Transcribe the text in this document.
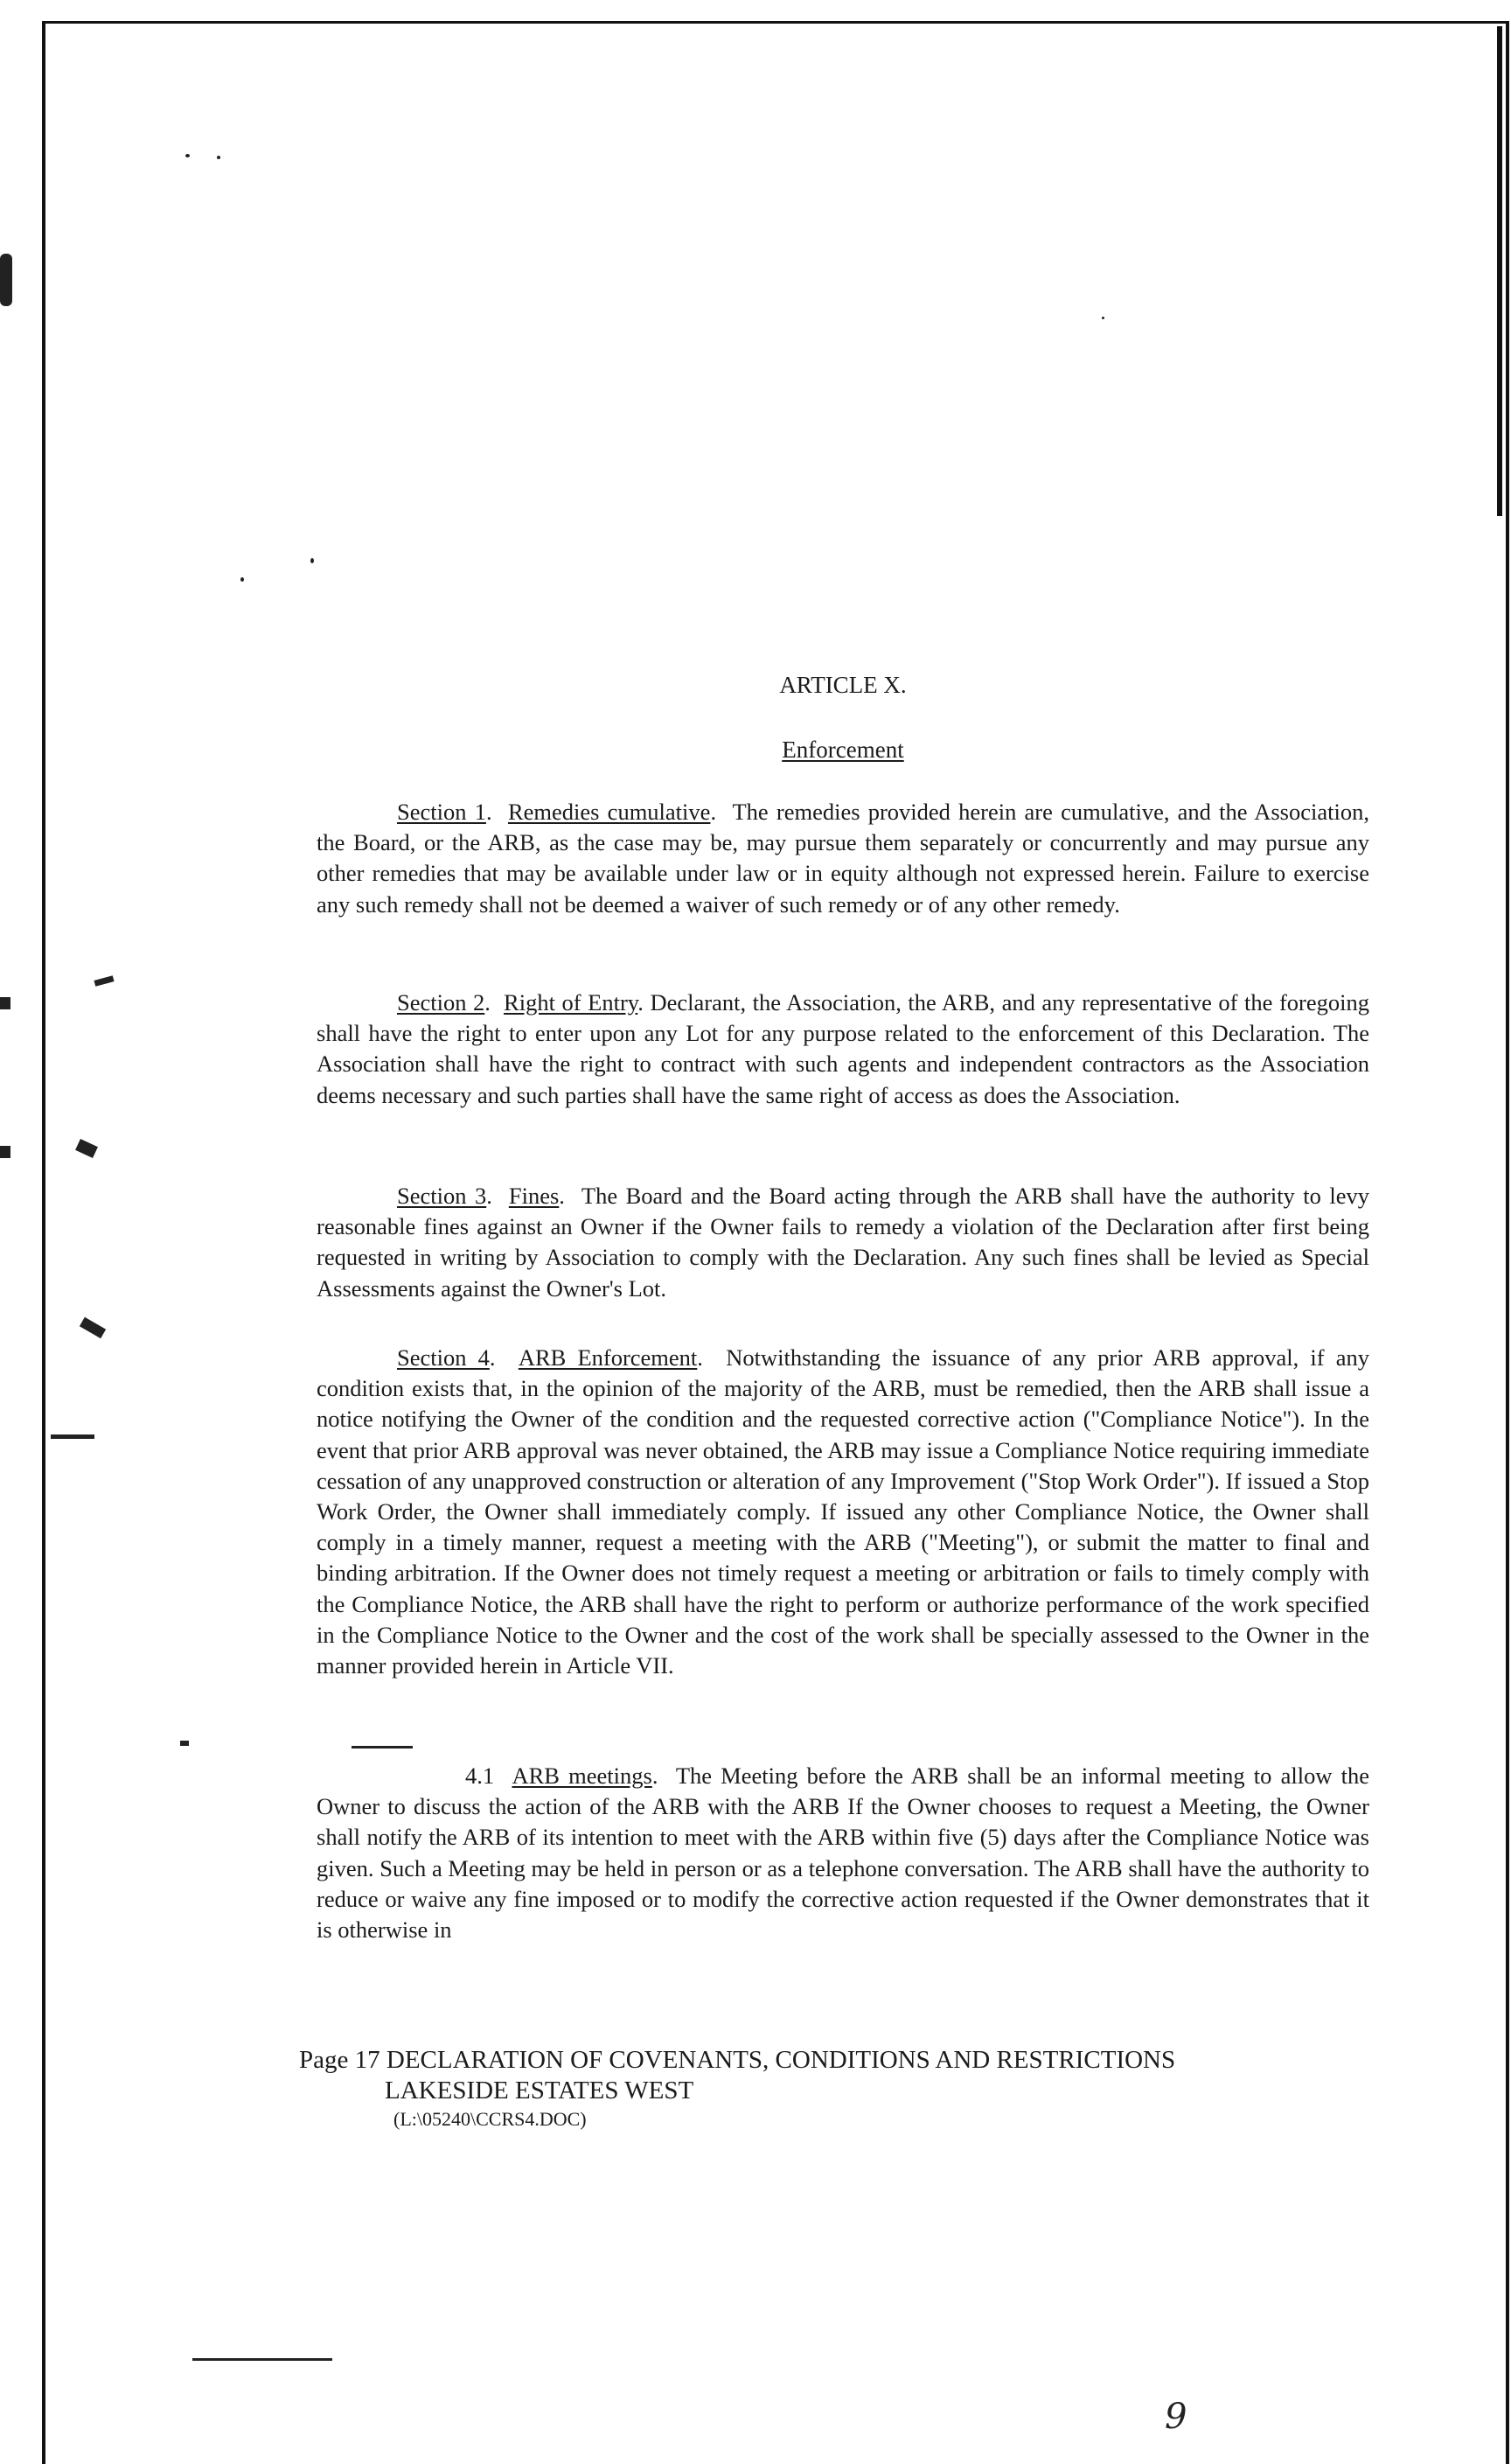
ARTICLE X.
Enforcement

Section 1.  Remedies cumulative.  The remedies provided herein are cumulative, and the Association, the Board, or the ARB, as the case may be, may pursue them separately or concurrently and may pursue any other remedies that may be available under law or in equity although not expressed herein. Failure to exercise any such remedy shall not be deemed a waiver of such remedy or of any other remedy.

Section 2.  Right of Entry. Declarant, the Association, the ARB, and any representative of the foregoing shall have the right to enter upon any Lot for any purpose related to the enforcement of this Declaration. The Association shall have the right to contract with such agents and independent contractors as the Association deems necessary and such parties shall have the same right of access as does the Association.

Section 3.  Fines.  The Board and the Board acting through the ARB shall have the authority to levy reasonable fines against an Owner if the Owner fails to remedy a violation of the Declaration after first being requested in writing by Association to comply with the Declaration. Any such fines shall be levied as Special Assessments against the Owner's Lot.

Section 4.  ARB Enforcement.  Notwithstanding the issuance of any prior ARB approval, if any condition exists that, in the opinion of the majority of the ARB, must be remedied, then the ARB shall issue a notice notifying the Owner of the condition and the requested corrective action ("Compliance Notice"). In the event that prior ARB approval was never obtained, the ARB may issue a Compliance Notice requiring immediate cessation of any unapproved construction or alteration of any Improvement ("Stop Work Order"). If issued a Stop Work Order, the Owner shall immediately comply. If issued any other Compliance Notice, the Owner shall comply in a timely manner, request a meeting with the ARB ("Meeting"), or submit the matter to final and binding arbitration. If the Owner does not timely request a meeting or arbitration or fails to timely comply with the Compliance Notice, the ARB shall have the right to perform or authorize performance of the work specified in the Compliance Notice to the Owner and the cost of the work shall be specially assessed to the Owner in the manner provided herein in Article VII.

4.1 ARB meetings.  The Meeting before the ARB shall be an informal meeting to allow the Owner to discuss the action of the ARB with the ARB If the Owner chooses to request a Meeting, the Owner shall notify the ARB of its intention to meet with the ARB within five (5) days after the Compliance Notice was given. Such a Meeting may be held in person or as a telephone conversation. The ARB shall have the authority to reduce or waive any fine imposed or to modify the corrective action requested if the Owner demonstrates that it is otherwise in

Page 17 DECLARATION OF COVENANTS, CONDITIONS AND RESTRICTIONS
LAKESIDE ESTATES WEST
(L:\05240\CCRS4.DOC)
9
